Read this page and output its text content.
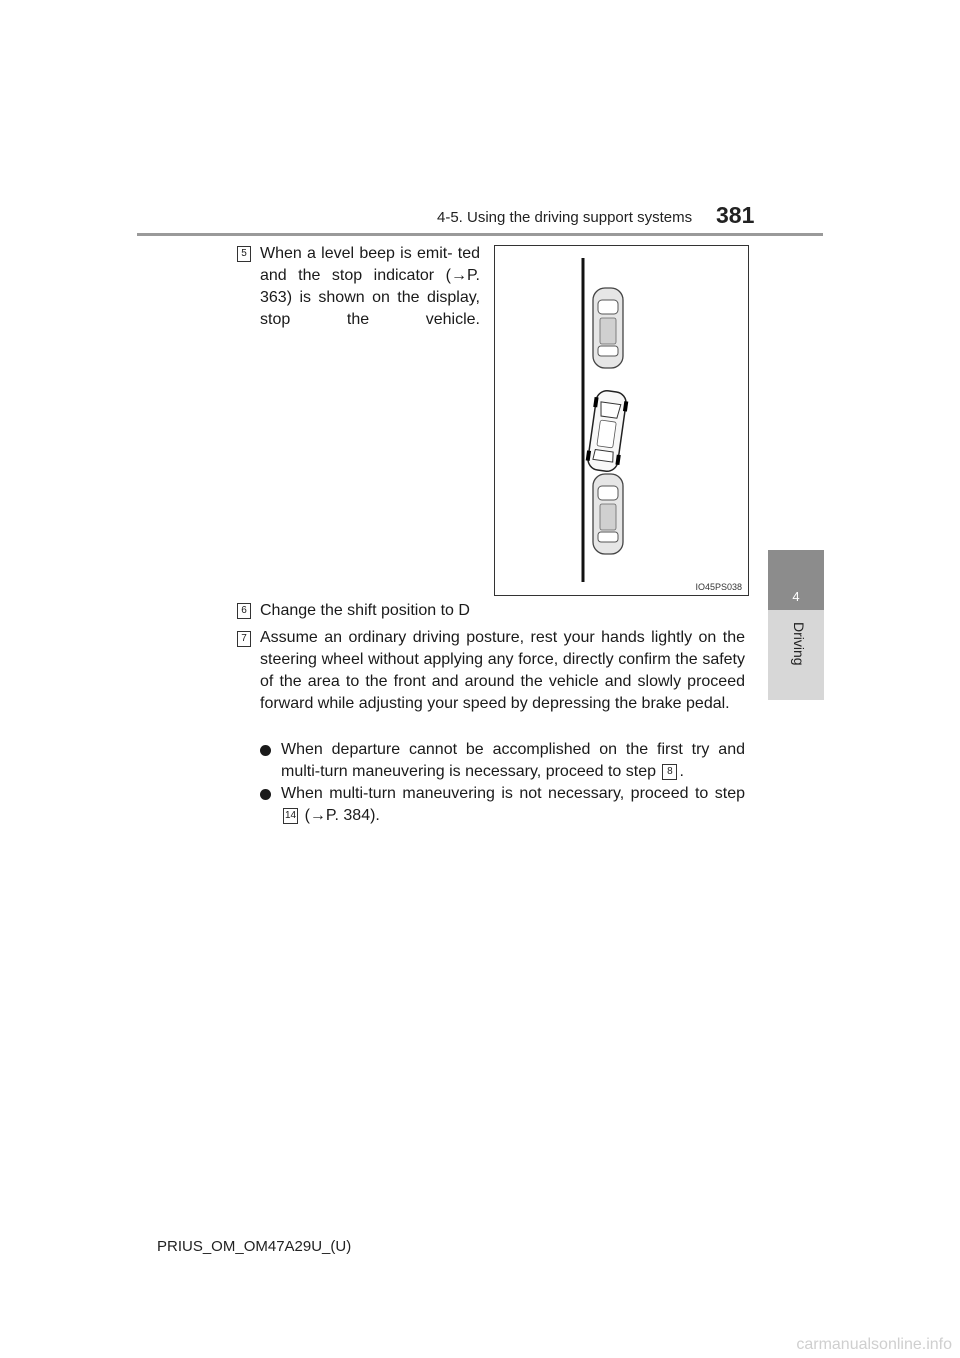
4-5. Using the driving support systems 381
4
Driving
5 When a level beep is emit- ted and the stop indicator (→P. 363) is shown on the display, stop the vehicle.
IO45PS038
6 Change the shift position to D
7 Assume an ordinary driving posture, rest your hands lightly on the steering wheel without applying any force, directly confirm the safety of the area to the front and around the vehicle and slowly proceed forward while adjusting your speed by depressing the brake pedal.
When departure cannot be accomplished on the first try and multi-turn maneuvering is necessary, proceed to step 8 .
When multi-turn maneuvering is not necessary, proceed to step 14 (→P. 384).
PRIUS_OM_OM47A29U_(U)
carmanualsonline.info
